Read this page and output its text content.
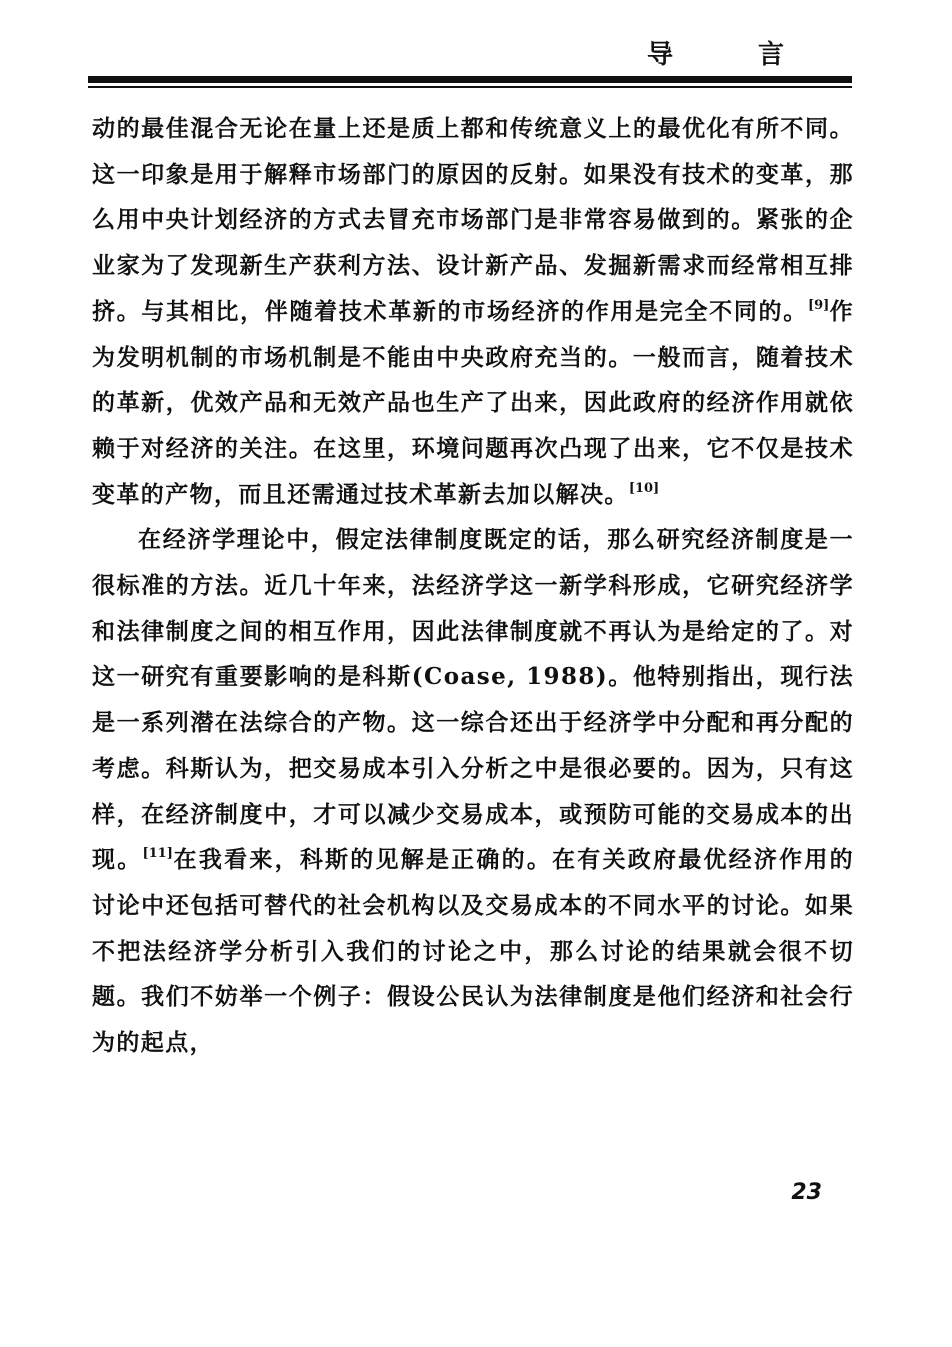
导 言

动的最佳混合无论在量上还是质上都和传统意义上的最优化有所不同。这一印象是用于解释市场部门的原因的反射。如果没有技术的变革，那么用中央计划经济的方式去冒充市场部门是非常容易做到的。紧张的企业家为了发现新生产获利方法、设计新产品、发掘新需求而经常相互排挤。与其相比，伴随着技术革新的市场经济的作用是完全不同的。[9]作为发明机制的市场机制是不能由中央政府充当的。一般而言，随着技术的革新，优效产品和无效产品也生产了出来，因此政府的经济作用就依赖于对经济的关注。在这里，环境问题再次凸现了出来，它不仅是技术变革的产物，而且还需通过技术革新去加以解决。[10]

在经济学理论中，假定法律制度既定的话，那么研究经济制度是一很标准的方法。近几十年来，法经济学这一新学科形成，它研究经济学和法律制度之间的相互作用，因此法律制度就不再认为是给定的了。对这一研究有重要影响的是科斯(Coase, 1988)。他特别指出，现行法是一系列潜在法综合的产物。这一综合还出于经济学中分配和再分配的考虑。科斯认为，把交易成本引入分析之中是很必要的。因为，只有这样，在经济制度中，才可以减少交易成本，或预防可能的交易成本的出现。[11]在我看来，科斯的见解是正确的。在有关政府最优经济作用的讨论中还包括可替代的社会机构以及交易成本的不同水平的讨论。如果不把法经济学分析引入我们的讨论之中，那么讨论的结果就会很不切题。我们不妨举一个例子：假设公民认为法律制度是他们经济和社会行为的起点，

23
